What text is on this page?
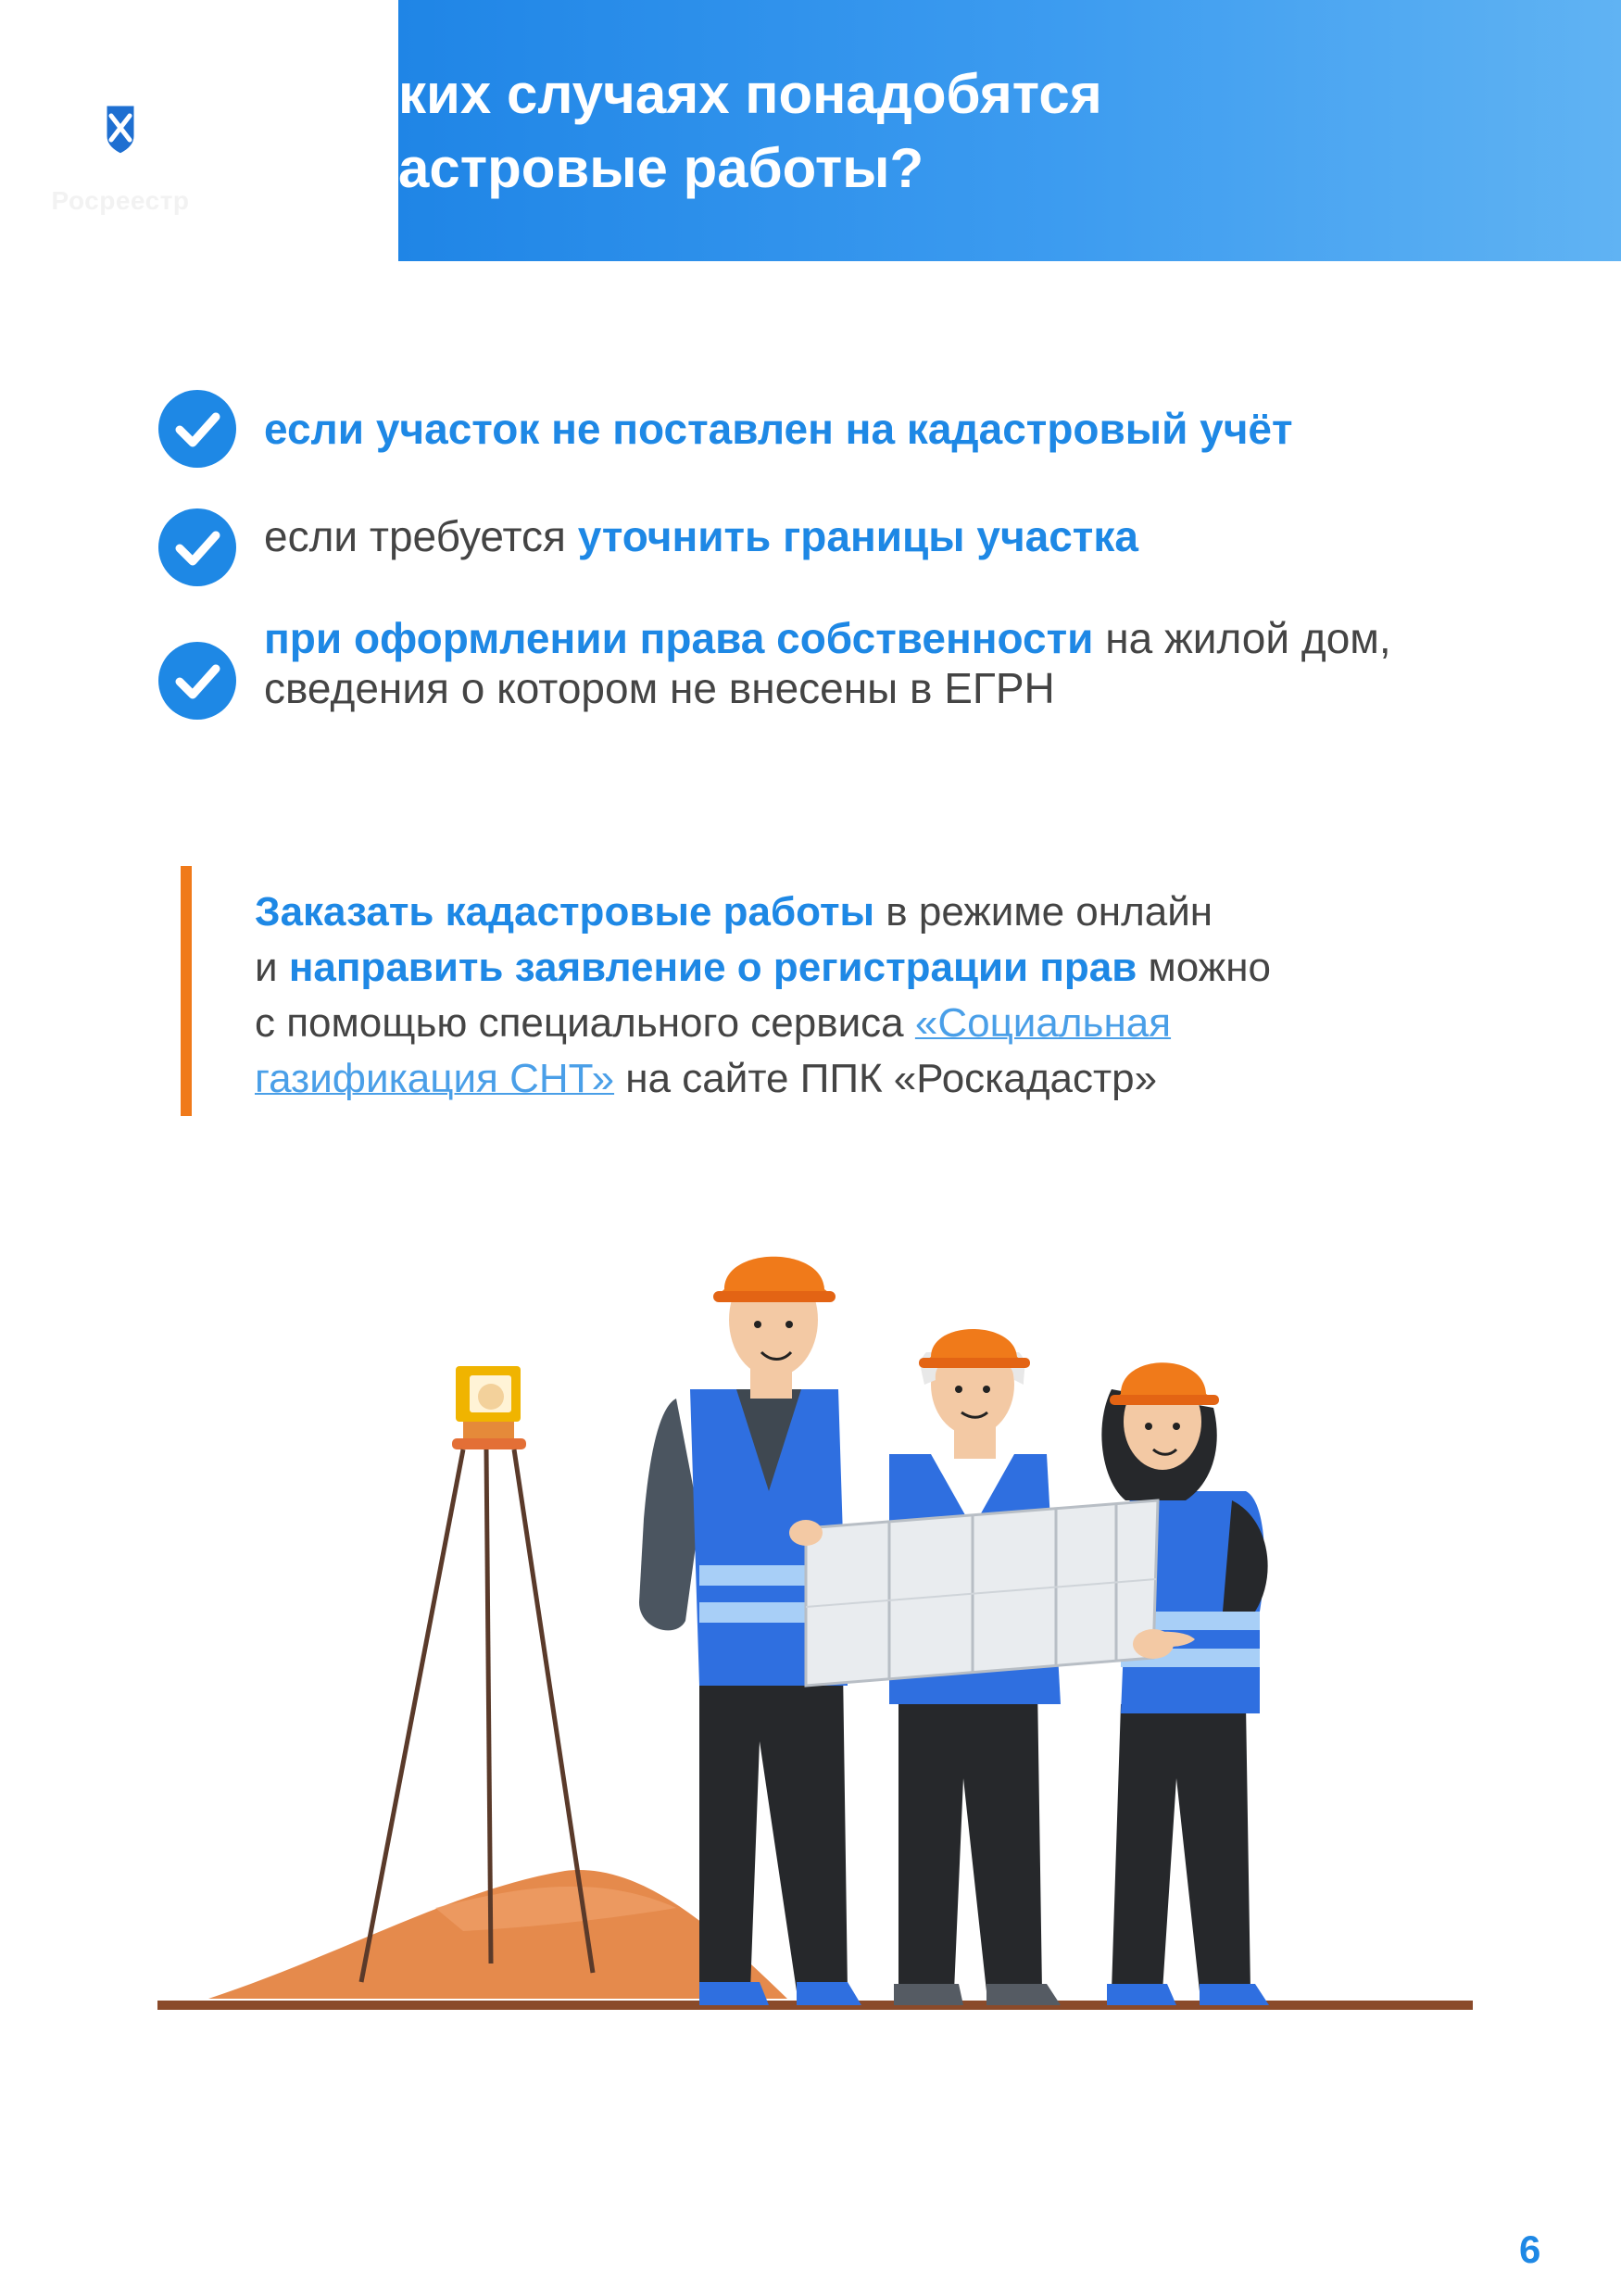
Росреестр
ких случаях понадобятся
астровые работы?
если участок не поставлен на кадастровый учёт
если требуется уточнить границы участка
при оформлении права собственности на жилой дом,
сведения о котором не внесены в ЕГРН
Заказать кадастровые работы в режиме онлайн
и направить заявление о регистрации прав можно
с помощью специального сервиса «Социальная
газификация СНТ» на сайте ППК «Роскадастр»
6
